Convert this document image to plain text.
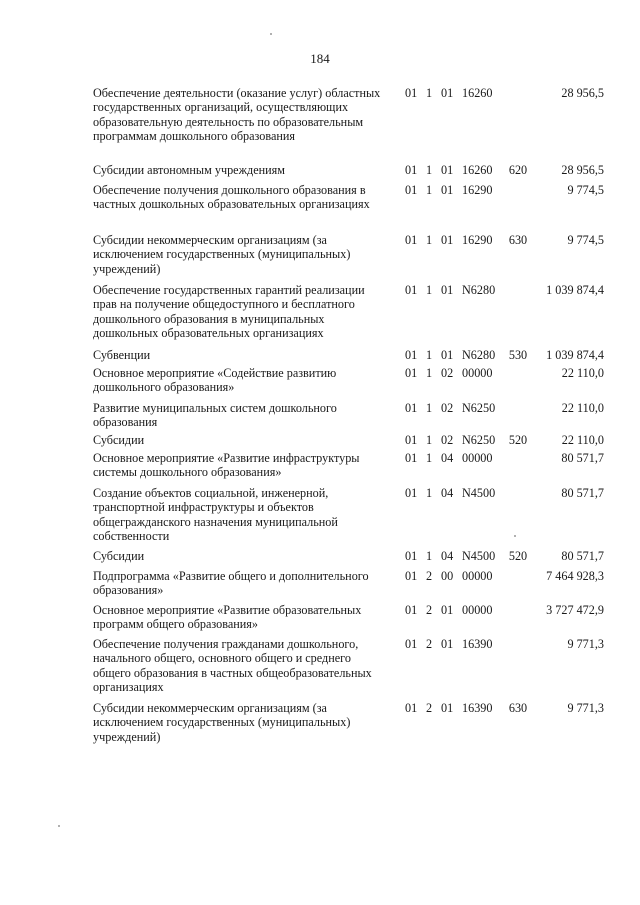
184
Обеспечение деятельности (оказание услуг) областных государственных организаций, осуществляющих образовательную деятельность по образовательным программам дошкольного образования
01 1 01 16260	28 956,5
Субсидии автономным учреждениям	01 1 01 16260	620	28 956,5
Обеспечение получения дошкольного образования в частных дошкольных образовательных организациях
01 1 01 16290	9 774,5
Субсидии некоммерческим организациям (за исключением государственных (муниципальных) учреждений)
01 1 01 16290	630	9 774,5
Обеспечение государственных гарантий реализации прав на получение общедоступного и бесплатного дошкольного образования в муниципальных дошкольных образовательных организациях
01 1 01 N6280	1 039 874,4
Субвенции	01 1 01 N6280	530	1 039 874,4
Основное мероприятие «Содействие развитию дошкольного образования»
01 1 02 00000	22 110,0
Развитие муниципальных систем дошкольного образования
01 1 02 N6250	22 110,0
Субсидии	01 1 02 N6250	520	22 110,0
Основное мероприятие «Развитие инфраструктуры системы дошкольного образования»
01 1 04 00000	80 571,7
Создание объектов социальной, инженерной, транспортной инфраструктуры и объектов общегражданского назначения муниципальной собственности
01 1 04 N4500	80 571,7
Субсидии	01 1 04 N4500	520	80 571,7
Подпрограмма «Развитие общего и дополнительного образования»
01 2 00 00000	7 464 928,3
Основное мероприятие «Развитие образовательных программ общего образования»
01 2 01 00000	3 727 472,9
Обеспечение получения гражданами дошкольного, начального общего, основного общего и среднего общего образования в частных общеобразовательных организациях
01 2 01 16390	9 771,3
Субсидии некоммерческим организациям (за исключением государственных (муниципальных) учреждений)
01 2 01 16390	630	9 771,3
